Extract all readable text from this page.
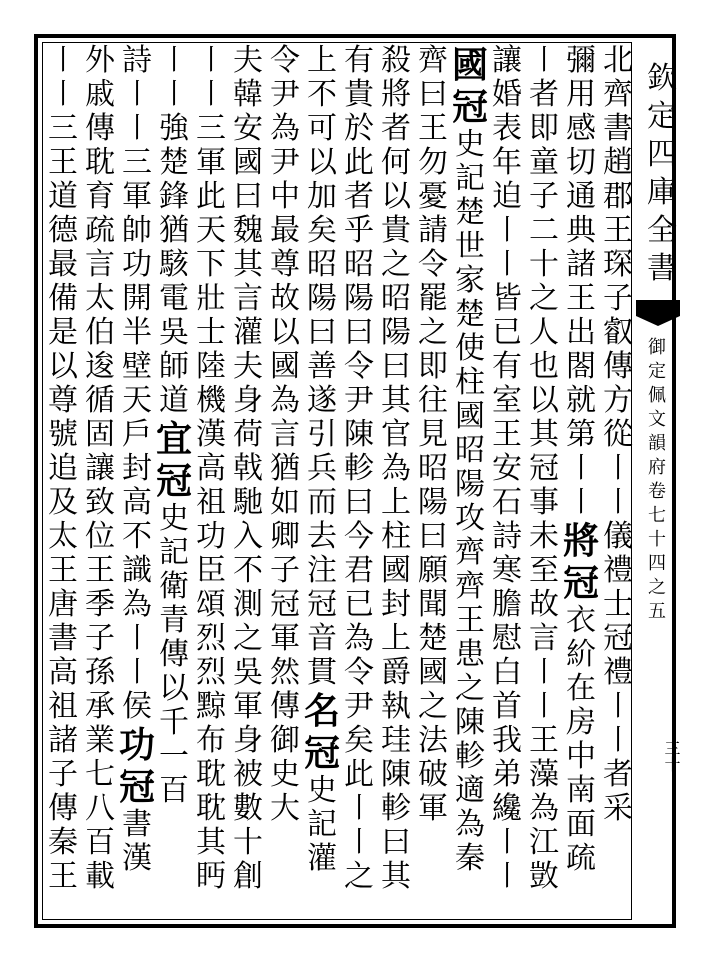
北
齊
書
趙
郡
王
琛
子
叡
傳
方
從
〡
〡
儀
禮
士
冠
禮
〡
〡
者
采
彌
用
感
切
通
典
諸
王
出
閤
就
第
〡
〡
將
冠
衣
紒
在
房
中
南
面
疏
〡
者
即
童
子
二
十
之
人
也
以
其
冠
事
未
至
故
言
〡
〡
王
藻
為
江
敳
讓
婚
表
年
迫
〡
〡
皆
已
有
室
王
安
石
詩
寒
膽
慰
白
首
我
弟
纔
〡
〡
國
冠
史
記
楚
世
家
楚
使
柱
國
昭
陽
攻
齊
齊
王
患
之
陳
軫
適
為
秦
齊
曰
王
勿
憂
請
令
罷
之
即
往
見
昭
陽
曰
願
聞
楚
國
之
法
破
軍
殺
將
者
何
以
貴
之
昭
陽
曰
其
官
為
上
柱
國
封
上
爵
執
珪
陳
軫
曰
其
有
貴
於
此
者
乎
昭
陽
曰
令
尹
陳
軫
曰
今
君
已
為
令
尹
矣
此
〡
〡
之
上
不
可
以
加
矣
昭
陽
曰
善
遂
引
兵
而
去
注
冠
音
貫
名
冠
史
記
灌
令
尹
為
尹
中
最
尊
故
以
國
為
言
猶
如
卿
子
冠
軍
然
傳
御
史
大
夫
韓
安
國
曰
魏
其
言
灌
夫
身
荷
戟
馳
入
不
測
之
吳
軍
身
被
數
十
創
〡
〡
三
軍
此
天
下
壯
士
陸
機
漢
高
祖
功
臣
頌
烈
烈
黥
布
耽
耽
其
眄
〡
〡
強
楚
鋒
猶
駭
電
吳
師
道
宜
冠
史
記
衛
青
傳
以
千
一
百
詩
〡
〡
三
軍
帥
功
開
半
壁
天
戶
封
高
不
識
為
〡
〡
侯
功
冠
書
漢
外
戚
傳
耽
育
疏
言
太
伯
逡
循
固
讓
致
位
王
季
子
孫
承
業
七
八
百
載
〡
〡
三
王
道
德
最
備
是
以
尊
號
追
及
太
王
唐
書
高
祖
諸
子
傳
秦
王
欽
定
四
庫
全
書
御
定
佩
文
韻
府
卷
七
十
四
之
五
三十
